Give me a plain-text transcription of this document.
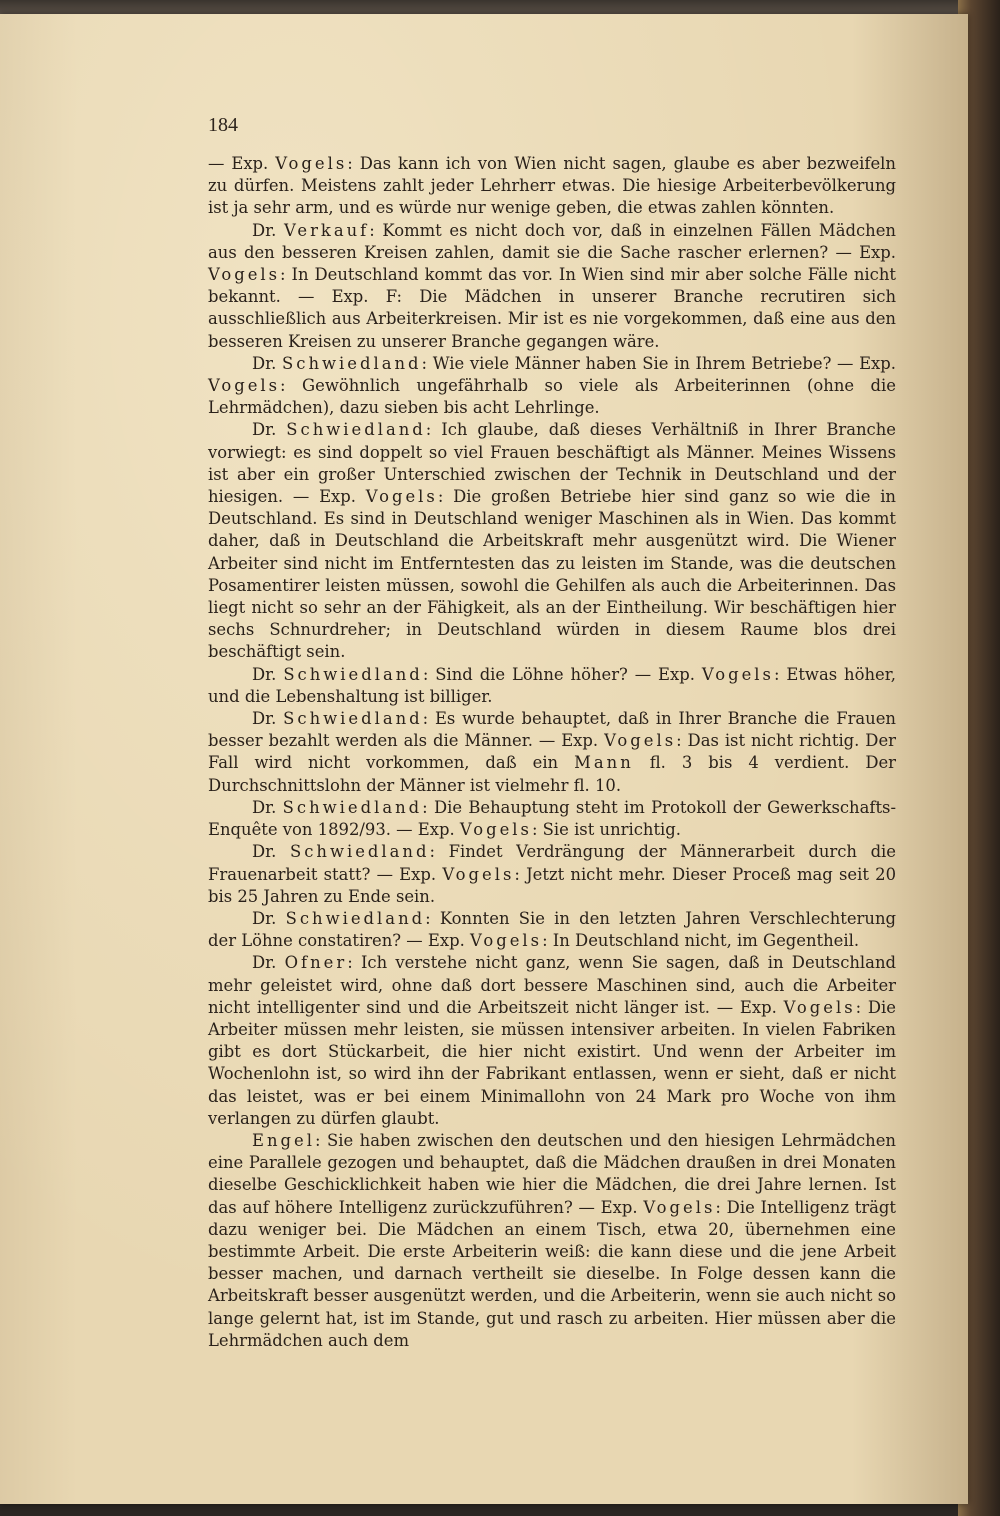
184

— Exp. Vogels: Das kann ich von Wien nicht sagen, glaube es aber bezweifeln zu dürfen. Meistens zahlt jeder Lehrherr etwas. Die hiesige Arbeiterbevölkerung ist ja sehr arm, und es würde nur wenige geben, die etwas zahlen könnten.

Dr. Verkauf: Kommt es nicht doch vor, daß in einzelnen Fällen Mädchen aus den besseren Kreisen zahlen, damit sie die Sache rascher erlernen? — Exp. Vogels: In Deutschland kommt das vor. In Wien sind mir aber solche Fälle nicht bekannt. — Exp. F: Die Mädchen in unserer Branche recrutiren sich ausschließlich aus Arbeiterkreisen. Mir ist es nie vorgekommen, daß eine aus den besseren Kreisen zu unserer Branche gegangen wäre.

Dr. Schwiedland: Wie viele Männer haben Sie in Ihrem Betriebe? — Exp. Vogels: Gewöhnlich ungefährhalb so viele als Arbeiterinnen (ohne die Lehrmädchen), dazu sieben bis acht Lehrlinge.

Dr. Schwiedland: Ich glaube, daß dieses Verhältniß in Ihrer Branche vorwiegt: es sind doppelt so viel Frauen beschäftigt als Männer. Meines Wissens ist aber ein großer Unterschied zwischen der Technik in Deutschland und der hiesigen. — Exp. Vogels: Die großen Betriebe hier sind ganz so wie die in Deutschland. Es sind in Deutschland weniger Maschinen als in Wien. Das kommt daher, daß in Deutschland die Arbeitskraft mehr ausgenützt wird. Die Wiener Arbeiter sind nicht im Entferntesten das zu leisten im Stande, was die deutschen Posamentirer leisten müssen, sowohl die Gehilfen als auch die Arbeiterinnen. Das liegt nicht so sehr an der Fähigkeit, als an der Eintheilung. Wir beschäftigen hier sechs Schnurdreher; in Deutschland würden in diesem Raume blos drei beschäftigt sein.

Dr. Schwiedland: Sind die Löhne höher? — Exp. Vogels: Etwas höher, und die Lebenshaltung ist billiger.

Dr. Schwiedland: Es wurde behauptet, daß in Ihrer Branche die Frauen besser bezahlt werden als die Männer. — Exp. Vogels: Das ist nicht richtig. Der Fall wird nicht vorkommen, daß ein Mann fl. 3 bis 4 verdient. Der Durchschnittslohn der Männer ist vielmehr fl. 10.

Dr. Schwiedland: Die Behauptung steht im Protokoll der Gewerkschafts-Enquête von 1892/93. — Exp. Vogels: Sie ist unrichtig.

Dr. Schwiedland: Findet Verdrängung der Männerarbeit durch die Frauenarbeit statt? — Exp. Vogels: Jetzt nicht mehr. Dieser Proceß mag seit 20 bis 25 Jahren zu Ende sein.

Dr. Schwiedland: Konnten Sie in den letzten Jahren Verschlechterung der Löhne constatiren? — Exp. Vogels: In Deutschland nicht, im Gegentheil.

Dr. Ofner: Ich verstehe nicht ganz, wenn Sie sagen, daß in Deutschland mehr geleistet wird, ohne daß dort bessere Maschinen sind, auch die Arbeiter nicht intelligenter sind und die Arbeitszeit nicht länger ist. — Exp. Vogels: Die Arbeiter müssen mehr leisten, sie müssen intensiver arbeiten. In vielen Fabriken gibt es dort Stückarbeit, die hier nicht existirt. Und wenn der Arbeiter im Wochenlohn ist, so wird ihn der Fabrikant entlassen, wenn er sieht, daß er nicht das leistet, was er bei einem Minimallohn von 24 Mark pro Woche von ihm verlangen zu dürfen glaubt.

Engel: Sie haben zwischen den deutschen und den hiesigen Lehrmädchen eine Parallele gezogen und behauptet, daß die Mädchen draußen in drei Monaten dieselbe Geschicklichkeit haben wie hier die Mädchen, die drei Jahre lernen. Ist das auf höhere Intelligenz zurückzuführen? — Exp. Vogels: Die Intelligenz trägt dazu weniger bei. Die Mädchen an einem Tisch, etwa 20, übernehmen eine bestimmte Arbeit. Die erste Arbeiterin weiß: die kann diese und die jene Arbeit besser machen, und darnach vertheilt sie dieselbe. In Folge dessen kann die Arbeitskraft besser ausgenützt werden, und die Arbeiterin, wenn sie auch nicht so lange gelernt hat, ist im Stande, gut und rasch zu arbeiten. Hier müssen aber die Lehrmädchen auch dem
